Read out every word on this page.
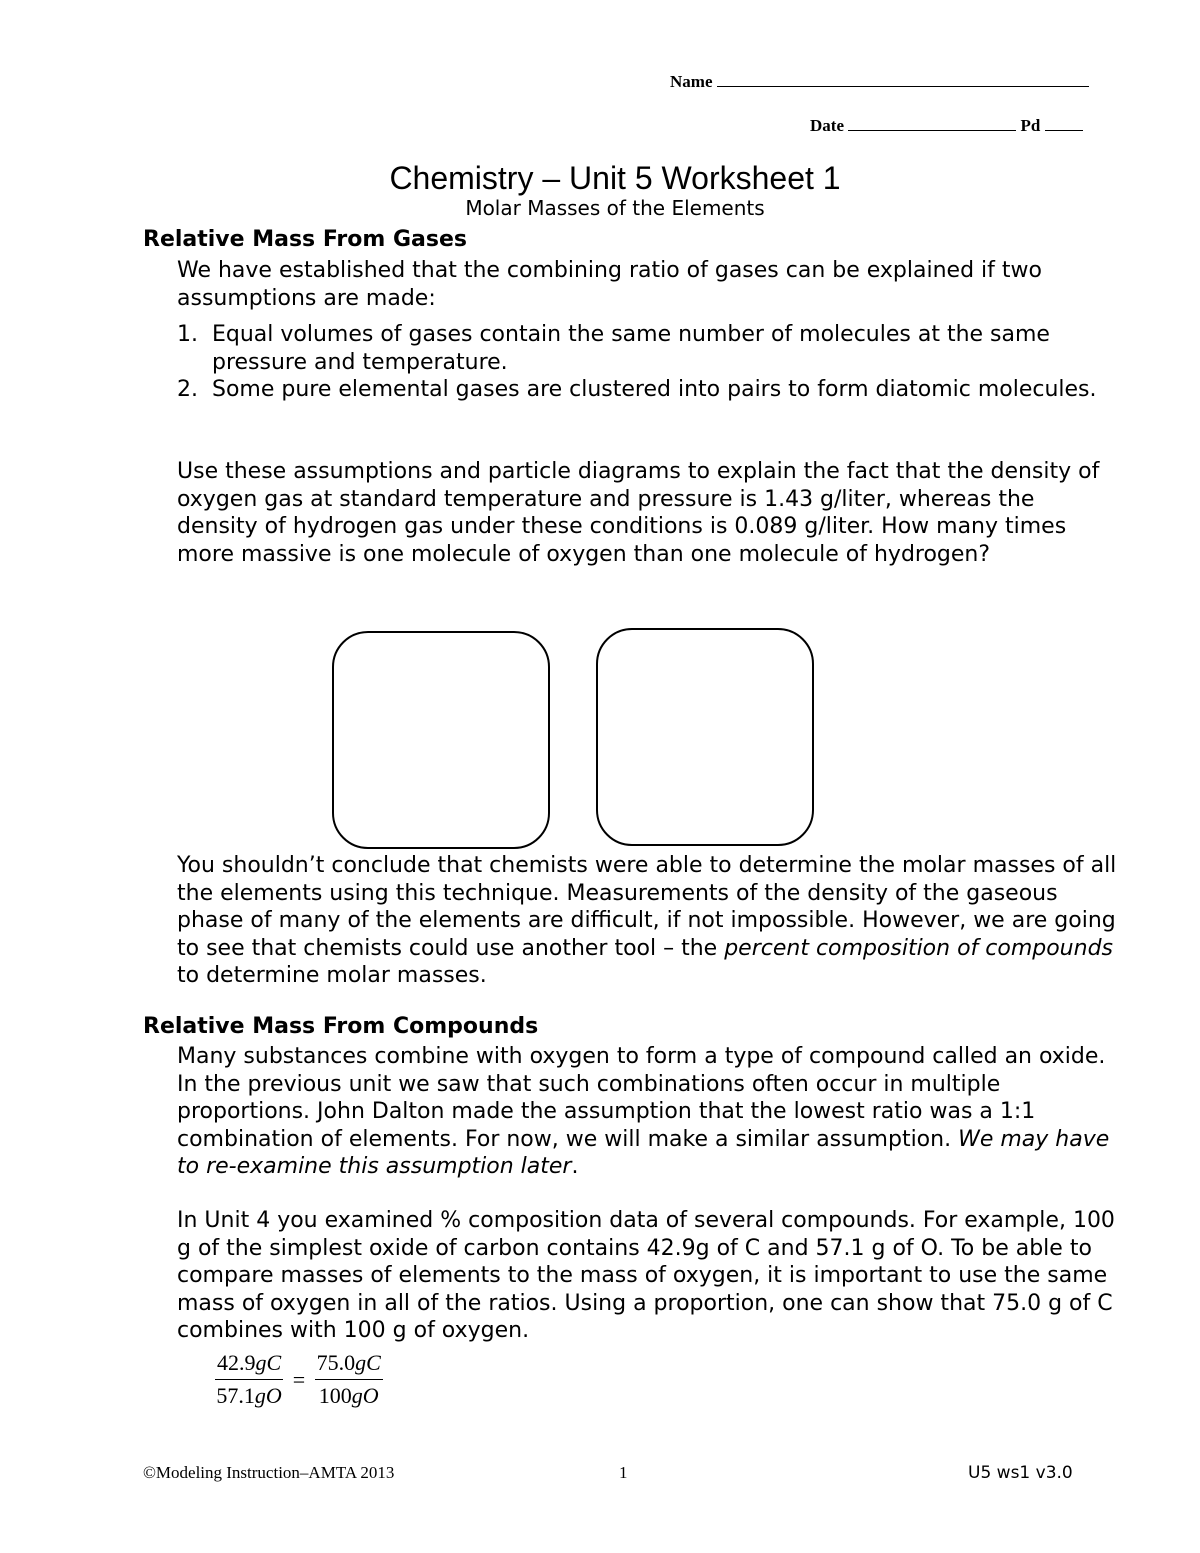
Name
Date	Pd
Chemistry – Unit 5 Worksheet 1
Molar Masses of the Elements
Relative Mass From Gases

We have established that the combining ratio of gases can be explained if two assumptions are made:

1. Equal volumes of gases contain the same number of molecules at the same pressure and temperature.
2. Some pure elemental gases are clustered into pairs to form diatomic molecules.

Use these assumptions and particle diagrams to explain the fact that the density of oxygen gas at standard temperature and pressure is 1.43 g/liter, whereas the density of hydrogen gas under these conditions is 0.089 g/liter. How many times more massive is one molecule of oxygen than one molecule of hydrogen?

You shouldn’t conclude that chemists were able to determine the molar masses of all the elements using this technique. Measurements of the density of the gaseous phase of many of the elements are difficult, if not impossible. However, we are going to see that chemists could use another tool – the percent composition of compounds to determine molar masses.

Relative Mass From Compounds

Many substances combine with oxygen to form a type of compound called an oxide. In the previous unit we saw that such combinations often occur in multiple proportions. John Dalton made the assumption that the lowest ratio was a 1:1 combination of elements. For now, we will make a similar assumption. We may have to re-examine this assumption later.

In Unit 4 you examined % composition data of several compounds. For example, 100 g of the simplest oxide of carbon contains 42.9g of C and 57.1 g of O. To be able to compare masses of elements to the mass of oxygen, it is important to use the same mass of oxygen in all of the ratios. Using a proportion, one can show that 75.0 g of C combines with 100 g of oxygen.

$\frac{42.9gC}{57.1gO} = \frac{75.0gC}{100gO}$
©Modeling Instruction–AMTA 2013	1	U5 ws1 v3.0
